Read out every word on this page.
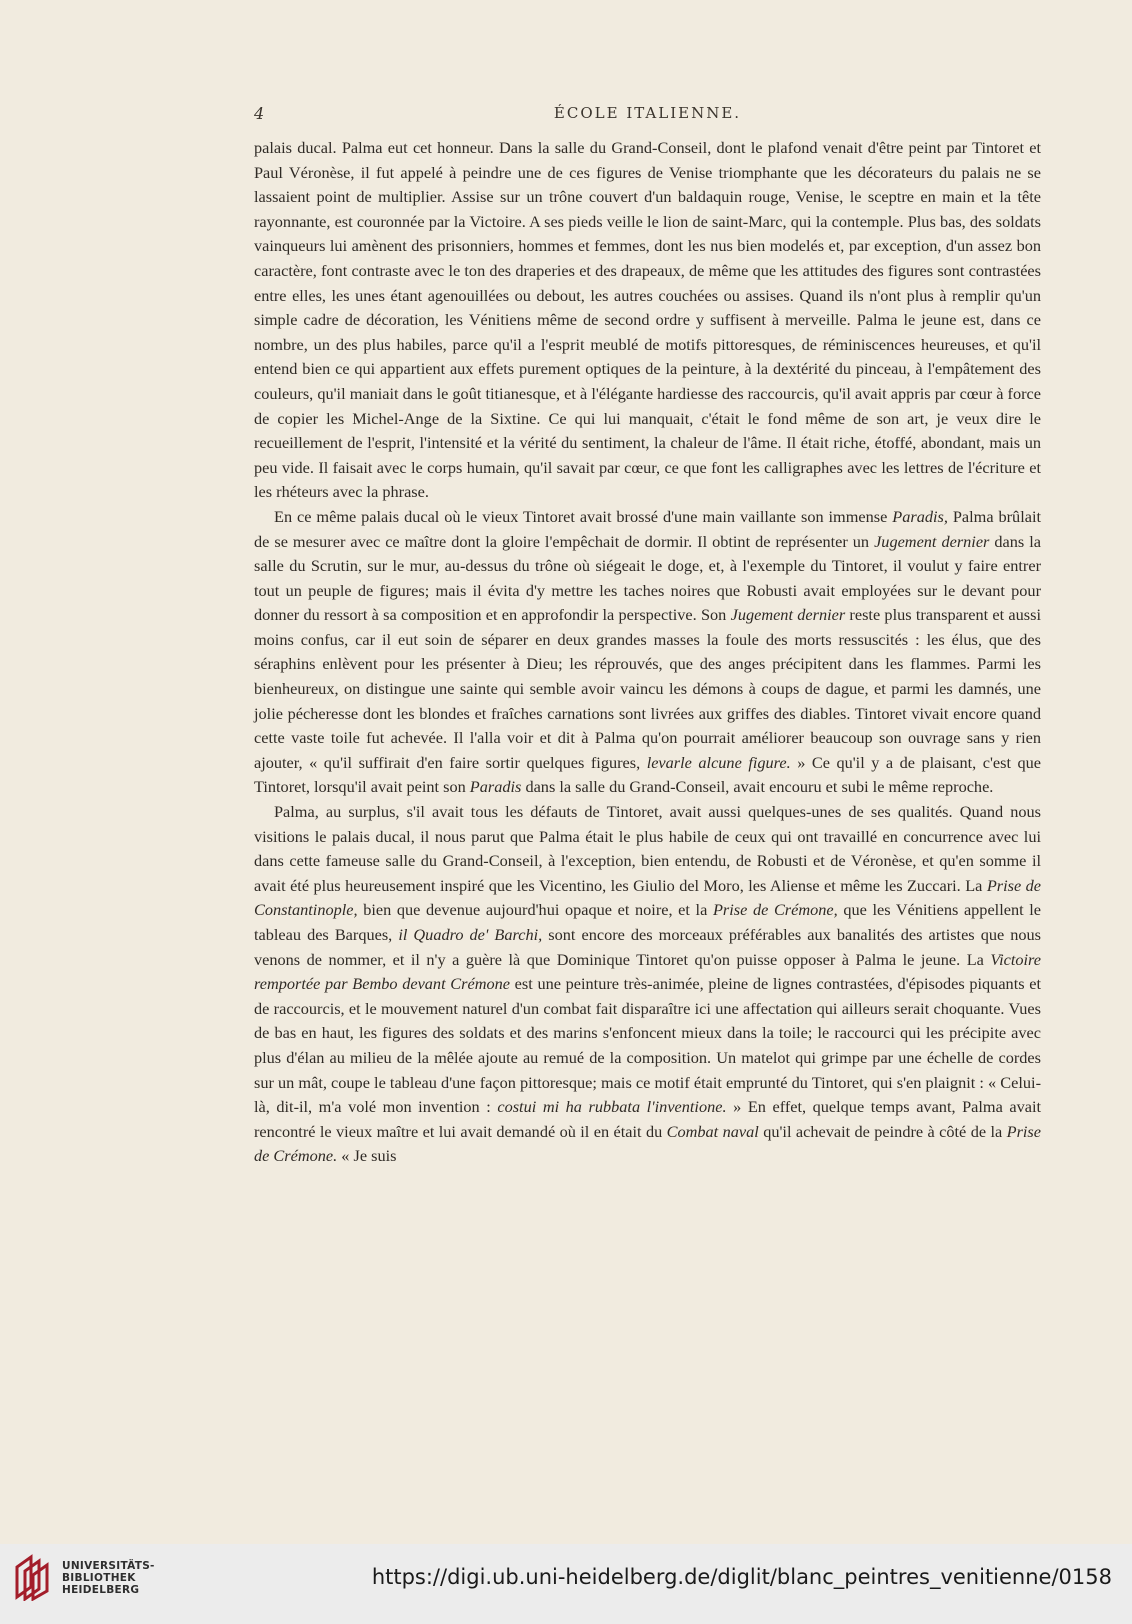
4	ÉCOLE ITALIENNE.

palais ducal. Palma eut cet honneur. Dans la salle du Grand-Conseil, dont le plafond venait d'être peint par Tintoret et Paul Véronèse, il fut appelé à peindre une de ces figures de Venise triomphante que les décorateurs du palais ne se lassaient point de multiplier. Assise sur un trône couvert d'un baldaquin rouge, Venise, le sceptre en main et la tête rayonnante, est couronnée par la Victoire. A ses pieds veille le lion de saint-Marc, qui la contemple. Plus bas, des soldats vainqueurs lui amènent des prisonniers, hommes et femmes, dont les nus bien modelés et, par exception, d'un assez bon caractère, font contraste avec le ton des draperies et des drapeaux, de même que les attitudes des figures sont contrastées entre elles, les unes étant agenouillées ou debout, les autres couchées ou assises. Quand ils n'ont plus à remplir qu'un simple cadre de décoration, les Vénitiens même de second ordre y suffisent à merveille. Palma le jeune est, dans ce nombre, un des plus habiles, parce qu'il a l'esprit meublé de motifs pittoresques, de réminiscences heureuses, et qu'il entend bien ce qui appartient aux effets purement optiques de la peinture, à la dextérité du pinceau, à l'empâtement des couleurs, qu'il maniait dans le goût titianesque, et à l'élégante hardiesse des raccourcis, qu'il avait appris par cœur à force de copier les Michel-Ange de la Sixtine. Ce qui lui manquait, c'était le fond même de son art, je veux dire le recueillement de l'esprit, l'intensité et la vérité du sentiment, la chaleur de l'âme. Il était riche, étoffé, abondant, mais un peu vide. Il faisait avec le corps humain, qu'il savait par cœur, ce que font les calligraphes avec les lettres de l'écriture et les rhéteurs avec la phrase.

En ce même palais ducal où le vieux Tintoret avait brossé d'une main vaillante son immense Paradis, Palma brûlait de se mesurer avec ce maître dont la gloire l'empêchait de dormir. Il obtint de représenter un Jugement dernier dans la salle du Scrutin, sur le mur, au-dessus du trône où siégeait le doge, et, à l'exemple du Tintoret, il voulut y faire entrer tout un peuple de figures; mais il évita d'y mettre les taches noires que Robusti avait employées sur le devant pour donner du ressort à sa composition et en approfondir la perspective. Son Jugement dernier reste plus transparent et aussi moins confus, car il eut soin de séparer en deux grandes masses la foule des morts ressuscités : les élus, que des séraphins enlèvent pour les présenter à Dieu; les réprouvés, que des anges précipitent dans les flammes. Parmi les bienheureux, on distingue une sainte qui semble avoir vaincu les démons à coups de dague, et parmi les damnés, une jolie pécheresse dont les blondes et fraîches carnations sont livrées aux griffes des diables. Tintoret vivait encore quand cette vaste toile fut achevée. Il l'alla voir et dit à Palma qu'on pourrait améliorer beaucoup son ouvrage sans y rien ajouter, « qu'il suffirait d'en faire sortir quelques figures, levarle alcune figure. » Ce qu'il y a de plaisant, c'est que Tintoret, lorsqu'il avait peint son Paradis dans la salle du Grand-Conseil, avait encouru et subi le même reproche.

Palma, au surplus, s'il avait tous les défauts de Tintoret, avait aussi quelques-unes de ses qualités. Quand nous visitions le palais ducal, il nous parut que Palma était le plus habile de ceux qui ont travaillé en concurrence avec lui dans cette fameuse salle du Grand-Conseil, à l'exception, bien entendu, de Robusti et de Véronèse, et qu'en somme il avait été plus heureusement inspiré que les Vicentino, les Giulio del Moro, les Aliense et même les Zuccari. La Prise de Constantinople, bien que devenue aujourd'hui opaque et noire, et la Prise de Crémone, que les Vénitiens appellent le tableau des Barques, il Quadro de' Barchi, sont encore des morceaux préférables aux banalités des artistes que nous venons de nommer, et il n'y a guère là que Dominique Tintoret qu'on puisse opposer à Palma le jeune. La Victoire remportée par Bembo devant Crémone est une peinture très-animée, pleine de lignes contrastées, d'épisodes piquants et de raccourcis, et le mouvement naturel d'un combat fait disparaître ici une affectation qui ailleurs serait choquante. Vues de bas en haut, les figures des soldats et des marins s'enfoncent mieux dans la toile; le raccourci qui les précipite avec plus d'élan au milieu de la mêlée ajoute au remué de la composition. Un matelot qui grimpe par une échelle de cordes sur un mât, coupe le tableau d'une façon pittoresque; mais ce motif était emprunté du Tintoret, qui s'en plaignit : « Celui-là, dit-il, m'a volé mon invention : costui mi ha rubbata l'inventione. » En effet, quelque temps avant, Palma avait rencontré le vieux maître et lui avait demandé où il en était du Combat naval qu'il achevait de peindre à côté de la Prise de Crémone. « Je suis

UNIVERSITÄTS-
BIBLIOTHEK
HEIDELBERG
https://digi.ub.uni-heidelberg.de/diglit/blanc_peintres_venitienne/0158
